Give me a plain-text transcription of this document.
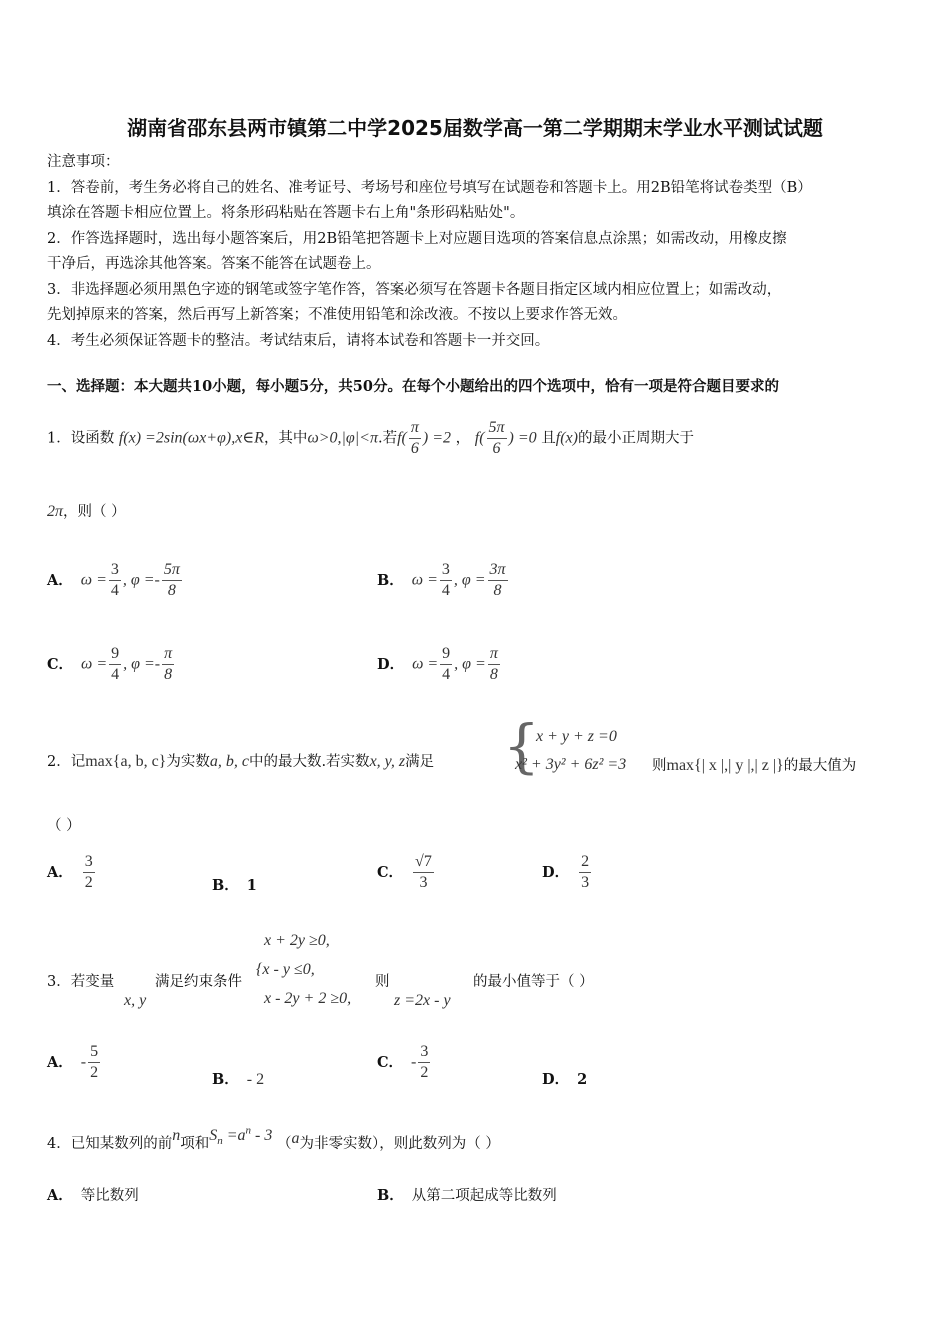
湖南省邵东县两市镇第二中学2025届数学高一第二学期期末学业水平测试试题

注意事项：

1．答卷前，考生务必将自己的姓名、准考证号、考场号和座位号填写在试题卷和答题卡上。用2B铅笔将试卷类型（B）

填涂在答题卡相应位置上。将条形码粘贴在答题卡右上角"条形码粘贴处"。

2．作答选择题时，选出每小题答案后，用2B铅笔把答题卡上对应题目选项的答案信息点涂黑；如需改动，用橡皮擦

干净后，再选涂其他答案。答案不能答在试题卷上。

3．非选择题必须用黑色字迹的钢笔或签字笔作答，答案必须写在答题卡各题目指定区域内相应位置上；如需改动，

先划掉原来的答案，然后再写上新答案；不准使用铅笔和涂改液。不按以上要求作答无效。

4．考生必须保证答题卡的整洁。考试结束后，请将本试卷和答题卡一并交回。

一、选择题：本大题共10小题，每小题5分，共50分。在每个小题给出的四个选项中，恰有一项是符合题目要求的
1．设函数 f(x) =2sin(ωx+φ),x∈R，其中ω>0,|φ|<π.若$f( \frac{\pi}{6}$ ) =2 ， $f( \frac{5\pi}{6}$ ) =0 且f(x)的最小正周期大于
2π，则（ ）
A． $\omega = \frac{3}{4}$ , $\varphi =- \frac{5\pi}{8}$	B． $\omega = \frac{3}{4}$ , $\varphi = \frac{3\pi}{8}$
C． $\omega = \frac{9}{4}$ , $\varphi =- \frac{\pi}{8}$	D． $\omega = \frac{9}{4}$ , $\varphi = \frac{\pi}{8}$
2．记max{a, b, c}为实数a, b, c中的最大数.若实数x, y, z满足 {
x + y + z =0
x² + 3y² + 6z² =3 则max{| x |,| y |,| z |}的最大值为
（ ）
A． $\frac{3}{2}$	B． 1
C． $\frac{√7}{3}$	D． $\frac{2}{3}$
3．若变量
x, y
满足约束条件
x + 2y ≥0,
{x - y ≤0,
x - 2y + 2 ≥0,
则
z =2x - y
的最小值等于（ ）
A． - $\frac{5}{2}$	B． - 2
C． - $\frac{3}{2}$	D． 2
4．已知某数列的前n项和$S_n =a^n - 3$ （a为非零实数），则此数列为（ ）
A． 等比数列	B． 从第二项起成等比数列
